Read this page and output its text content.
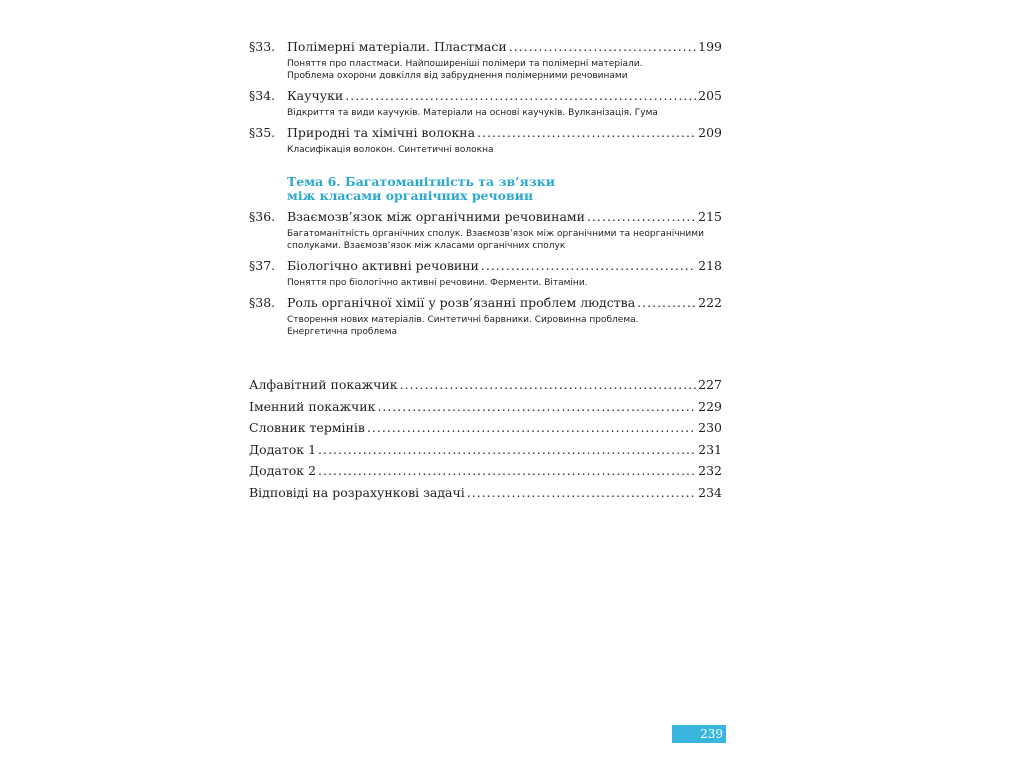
§33. Полімерні матеріали. Пластмаси .....	199
Поняття про пластмаси. Найпоширеніші полімери та полімерні матеріали.
Проблема охорони довкілля від забруднення полімерними речовинами
§34. Каучуки .....	205
Відкриття та види каучуків. Матеріали на основі каучуків. Вулканізація. Гума
§35. Природні та хімічні волокна .....	209
Класифікація волокон. Синтетичні волокна
Тема 6. Багатоманітність та зв’язки
між класами органічних речовин
§36. Взаємозв’язок між органічними речовинами .....	215
Багатоманітність органічних сполук. Взаємозв’язок між органічними та неорганічними
сполуками. Взаємозв’язок між класами органічних сполук
§37. Біологічно активні речовини .....	218
Поняття про біологічно активні речовини. Ферменти. Вітаміни.
§38. Роль органічної хімії у розв’язанні проблем людства .....	222
Створення нових матеріалів. Синтетичні барвники. Сировинна проблема.
Енергетична проблема
Алфавітний покажчик .....	227
Іменний покажчик .....	229
Словник термінів .....	230
Додаток 1 .....	231
Додаток 2 .....	232
Відповіді на розрахункові задачі .....	234
239
